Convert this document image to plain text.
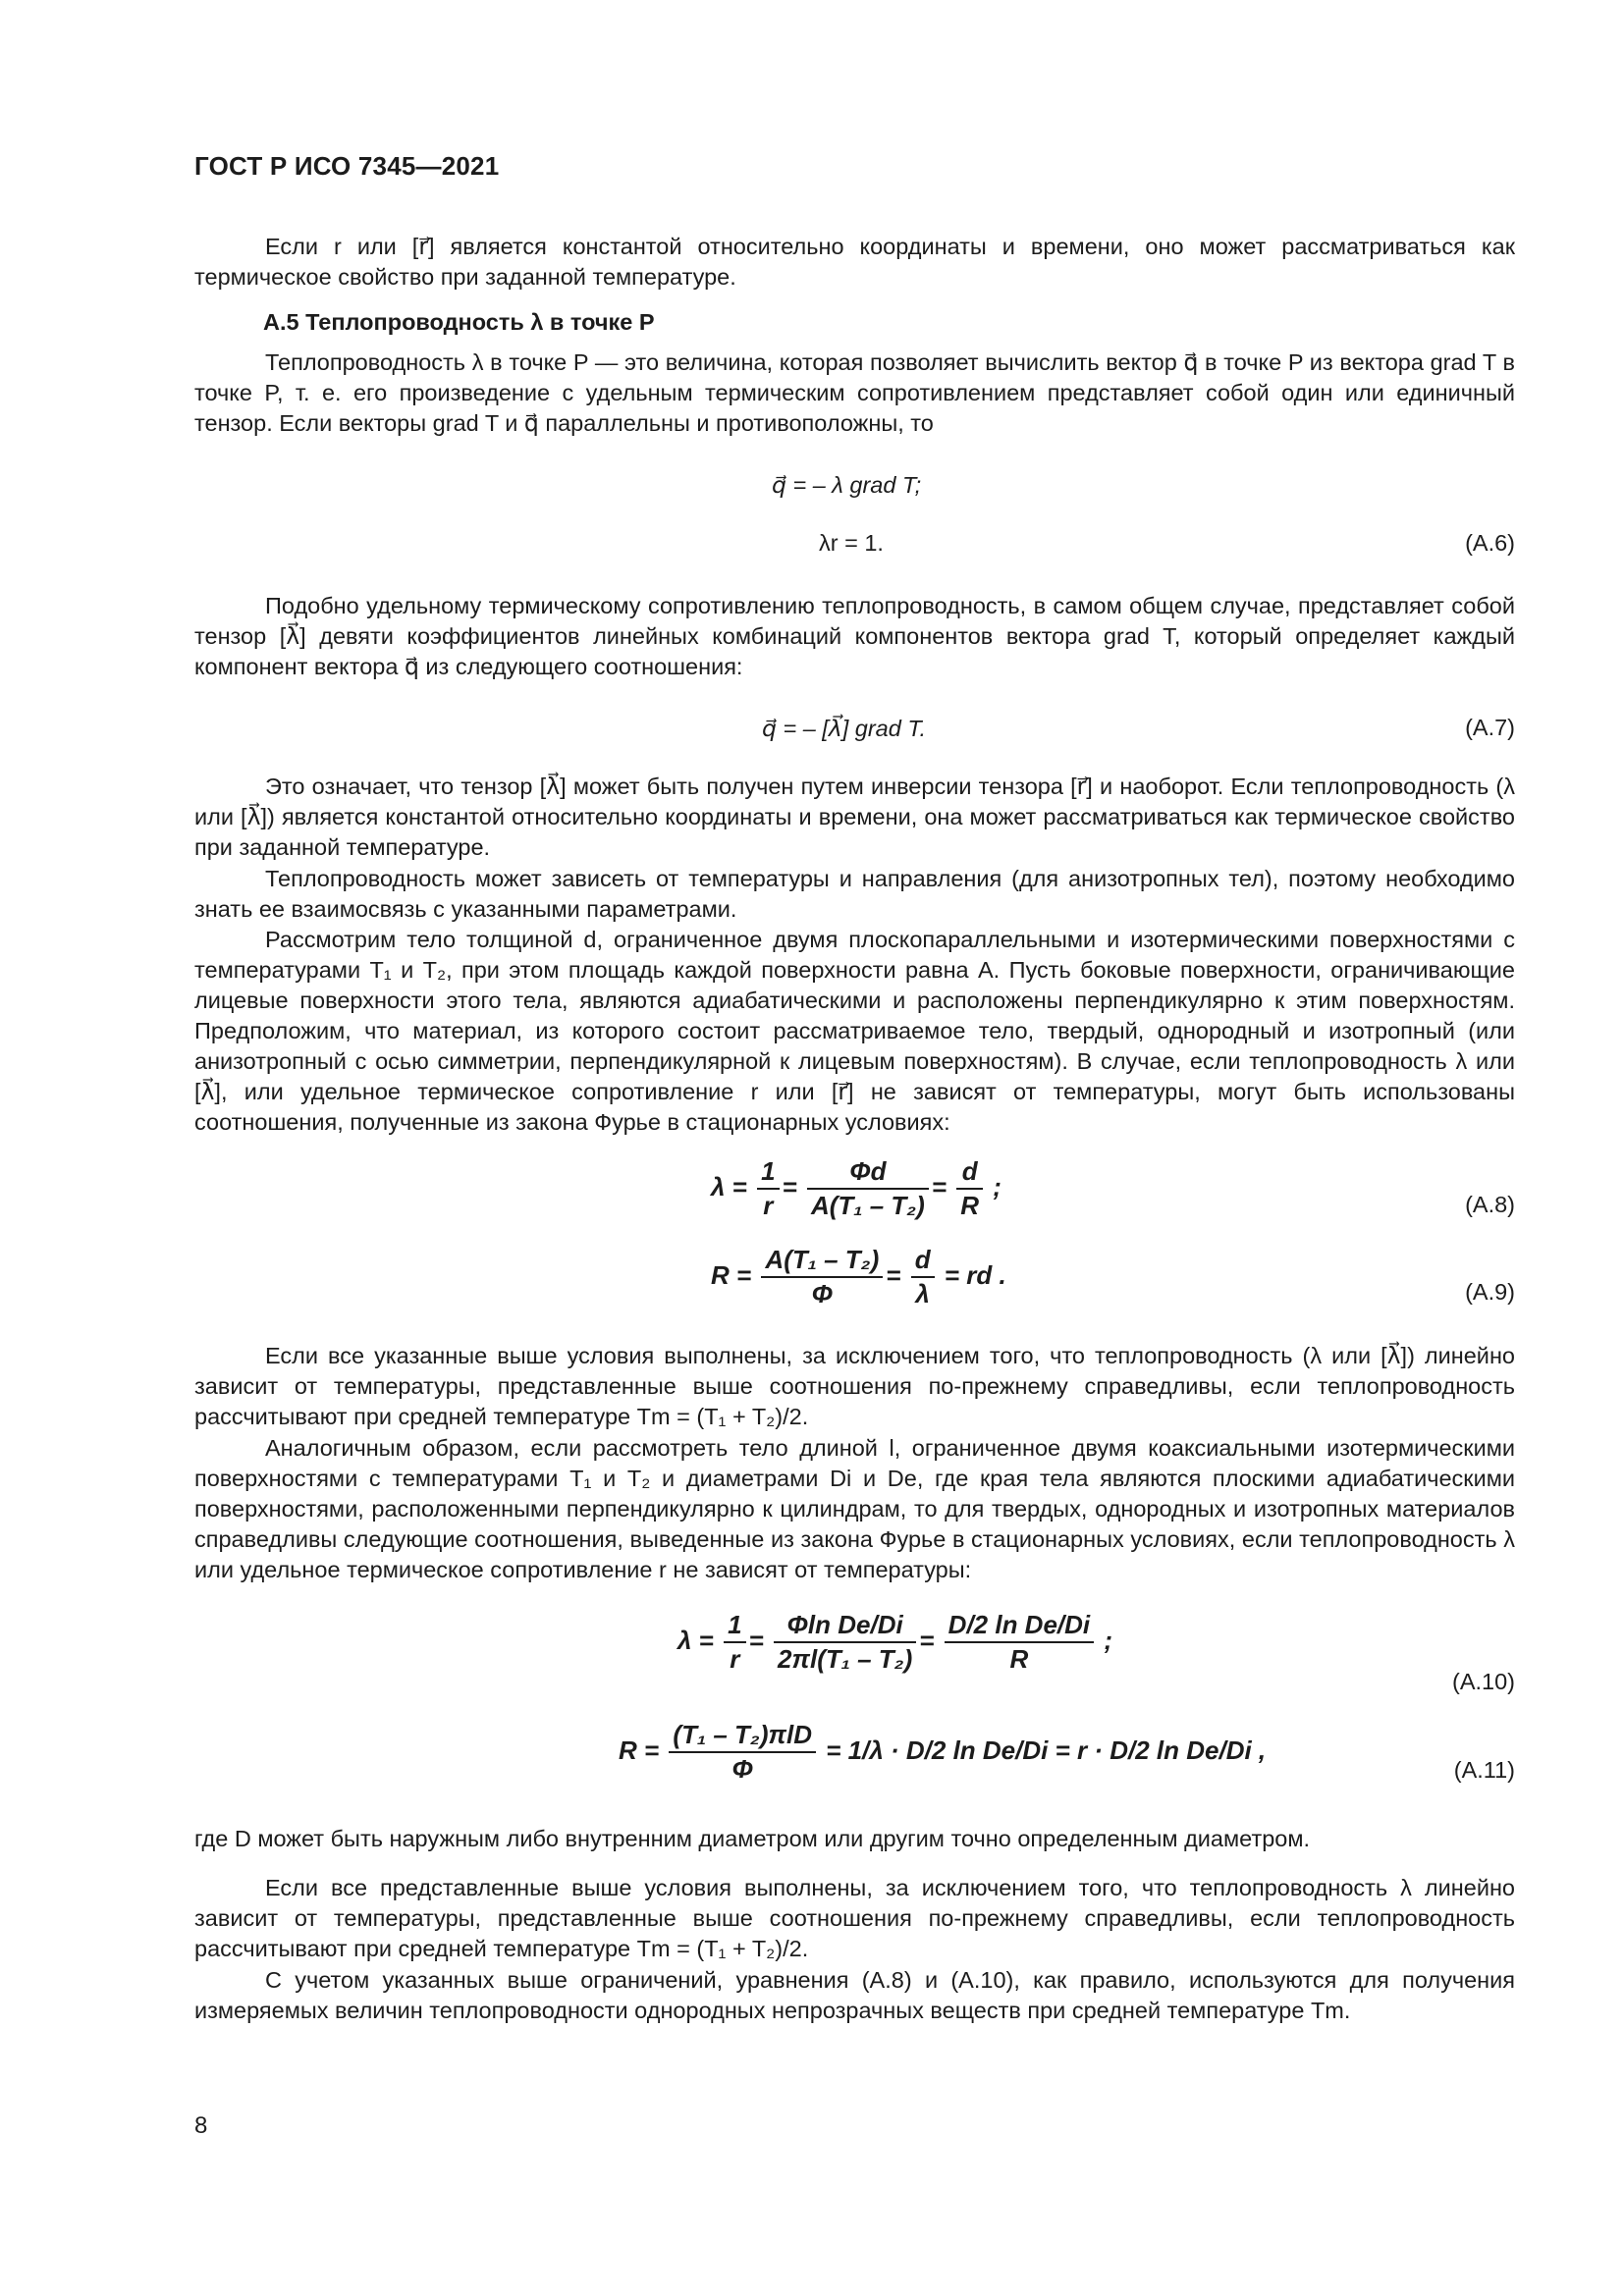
ГОСТ Р ИСО 7345—2021
Если r или [r⃗] является константой относительно координаты и времени, оно может рассматриваться как термическое свойство при заданной температуре.
A.5 Теплопроводность λ в точке P
Теплопроводность λ в точке P — это величина, которая позволяет вычислить вектор q⃗ в точке P из вектора grad T в точке P, т. е. его произведение с удельным термическим сопротивлением представляет собой один или единичный тензор. Если векторы grad T и q⃗ параллельны и противоположны, то
q⃗ = – λ grad T;
λr = 1.	(A.6)
Подобно удельному термическому сопротивлению теплопроводность, в самом общем случае, представляет собой тензор [λ⃗] девяти коэффициентов линейных комбинаций компонентов вектора grad T, который определяет каждый компонент вектора q⃗ из следующего соотношения:
q⃗ = – [λ⃗] grad T.	(A.7)
Это означает, что тензор [λ⃗] может быть получен путем инверсии тензора [r⃗] и наоборот. Если теплопроводность (λ или [λ⃗]) является константой относительно координаты и времени, она может рассматриваться как термическое свойство при заданной температуре.
Теплопроводность может зависеть от температуры и направления (для анизотропных тел), поэтому необходимо знать ее взаимосвязь с указанными параметрами.
Рассмотрим тело толщиной d, ограниченное двумя плоскопараллельными и изотермическими поверхностями с температурами T₁ и T₂, при этом площадь каждой поверхности равна A. Пусть боковые поверхности, ограничивающие лицевые поверхности этого тела, являются адиабатическими и расположены перпендикулярно к этим поверхностям. Предположим, что материал, из которого состоит рассматриваемое тело, твердый, однородный и изотропный (или анизотропный с осью симметрии, перпендикулярной к лицевым поверхностям). В случае, если теплопроводность λ или [λ⃗], или удельное термическое сопротивление r или [r⃗] не зависят от температуры, могут быть использованы соотношения, полученные из закона Фурье в стационарных условиях:
$\lambda = \frac{1}{r} = \frac{\Phi d}{\text{A(T₁ – T₂)}} = \frac{d}{R}$ ;
(A.8)
$R = \frac{\text{A(T₁ – T₂)}}{\Phi} = \frac{d}{\lambda}$ = rd .
(A.9)
Если все указанные выше условия выполнены, за исключением того, что теплопроводность (λ или [λ⃗]) линейно зависит от температуры, представленные выше соотношения по-прежнему справедливы, если теплопроводность рассчитывают при средней температуре Tm = (T₁ + T₂)/2.
Аналогичным образом, если рассмотреть тело длиной l, ограниченное двумя коаксиальными изотермическими поверхностями с температурами T₁ и T₂ и диаметрами Di и De, где края тела являются плоскими адиабатическими поверхностями, расположенными перпендикулярно к цилиндрам, то для твердых, однородных и изотропных материалов справедливы следующие соотношения, выведенные из закона Фурье в стационарных условиях, если теплопроводность λ или удельное термическое сопротивление r не зависят от температуры:
$\lambda = \frac{1}{r} = \frac{\text{Φln De/Di}}{\text{2πl(T₁ – T₂)}} = \frac{\text{D/2 ln De/Di}}{R}$ ;
(A.10)
$R = \frac{\text{(T₁ – T₂)πlD}}{\Phi} = 1/\lambda \cdot D/2$ ln De/Di = r · D/2 ln De/Di ,
(A.11)
где D может быть наружным либо внутренним диаметром или другим точно определенным диаметром.
Если все представленные выше условия выполнены, за исключением того, что теплопроводность λ линейно зависит от температуры, представленные выше соотношения по-прежнему справедливы, если теплопроводность рассчитывают при средней температуре Tm = (T₁ + T₂)/2.
С учетом указанных выше ограничений, уравнения (A.8) и (A.10), как правило, используются для получения измеряемых величин теплопроводности однородных непрозрачных веществ при средней температуре Tm.
8
